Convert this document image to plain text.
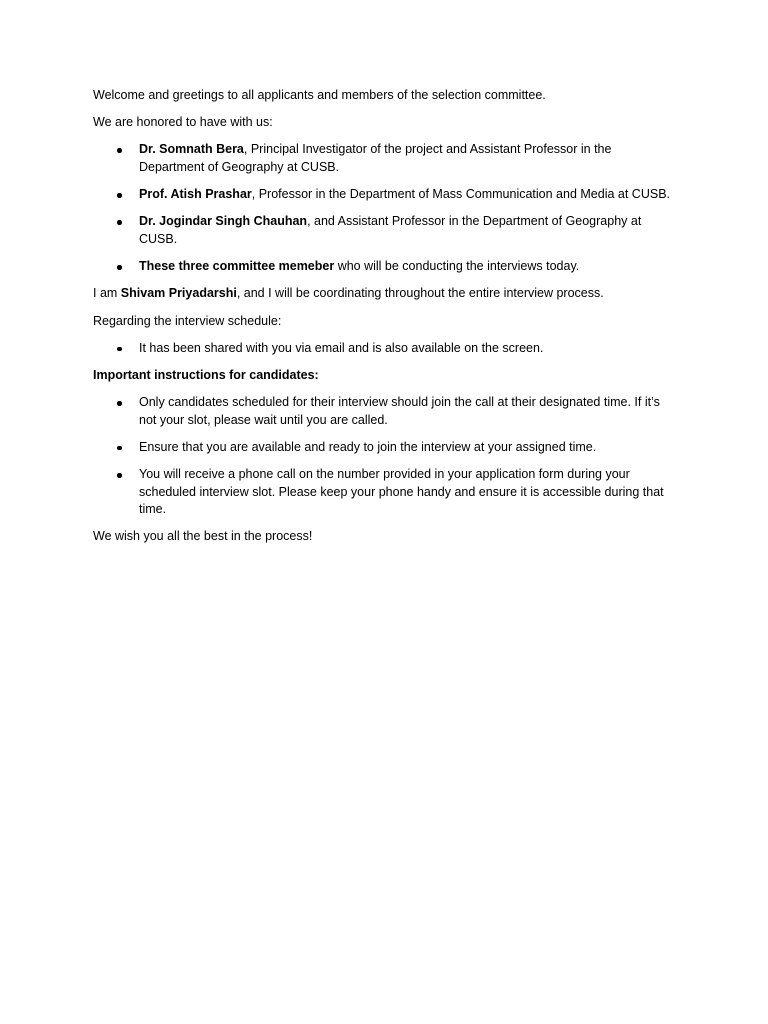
Welcome and greetings to all applicants and members of the selection committee.

We are honored to have with us:

Dr. Somnath Bera, Principal Investigator of the project and Assistant Professor in the Department of Geography at CUSB.
Prof. Atish Prashar, Professor in the Department of Mass Communication and Media at CUSB.
Dr. Jogindar Singh Chauhan, and Assistant Professor in the Department of Geography at CUSB.
These three committee memeber who will be conducting the interviews today.

I am Shivam Priyadarshi, and I will be coordinating throughout the entire interview process.

Regarding the interview schedule:

It has been shared with you via email and is also available on the screen.

Important instructions for candidates:

Only candidates scheduled for their interview should join the call at their designated time. If it’s not your slot, please wait until you are called.
Ensure that you are available and ready to join the interview at your assigned time.
You will receive a phone call on the number provided in your application form during your scheduled interview slot. Please keep your phone handy and ensure it is accessible during that time.

We wish you all the best in the process!
